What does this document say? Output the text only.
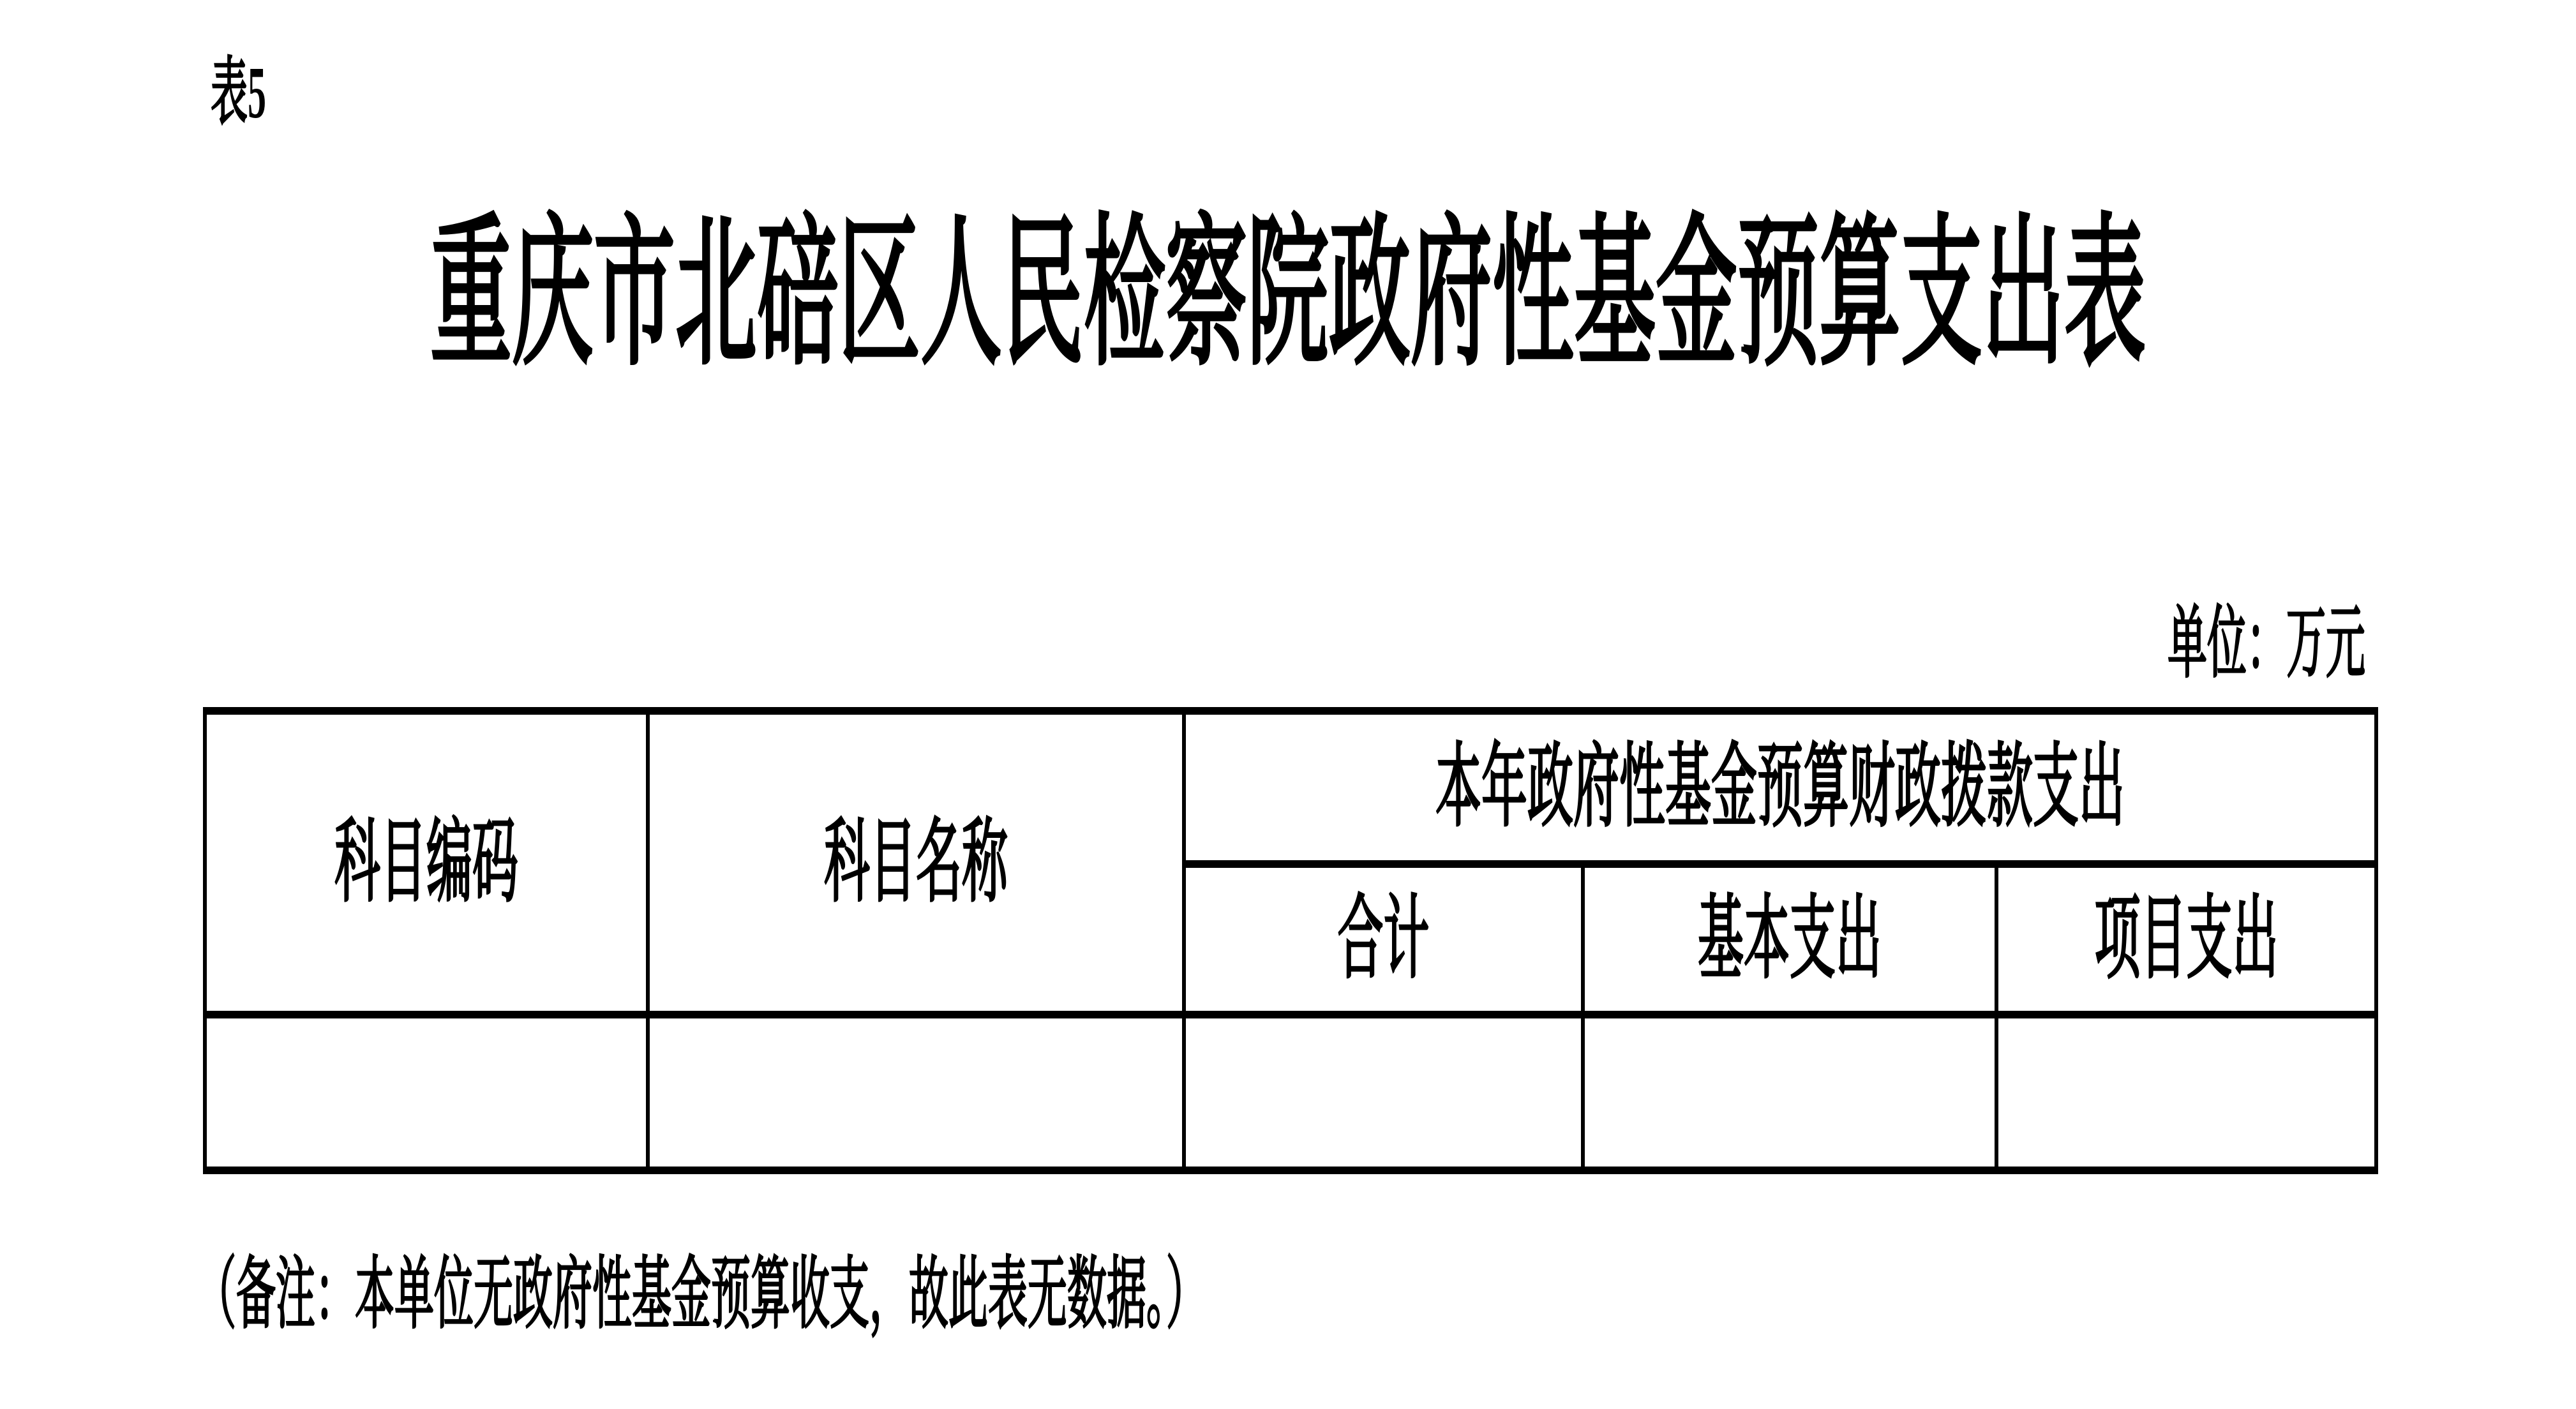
表5
重庆市北碚区人民检察院政府性基金预算支出表
单位：万元
科目编码	科目名称	本年政府性基金预算财政拨款支出		
		合计	基本支出	项目支出

（备注：本单位无政府性基金预算收支，故此表无数据。）
